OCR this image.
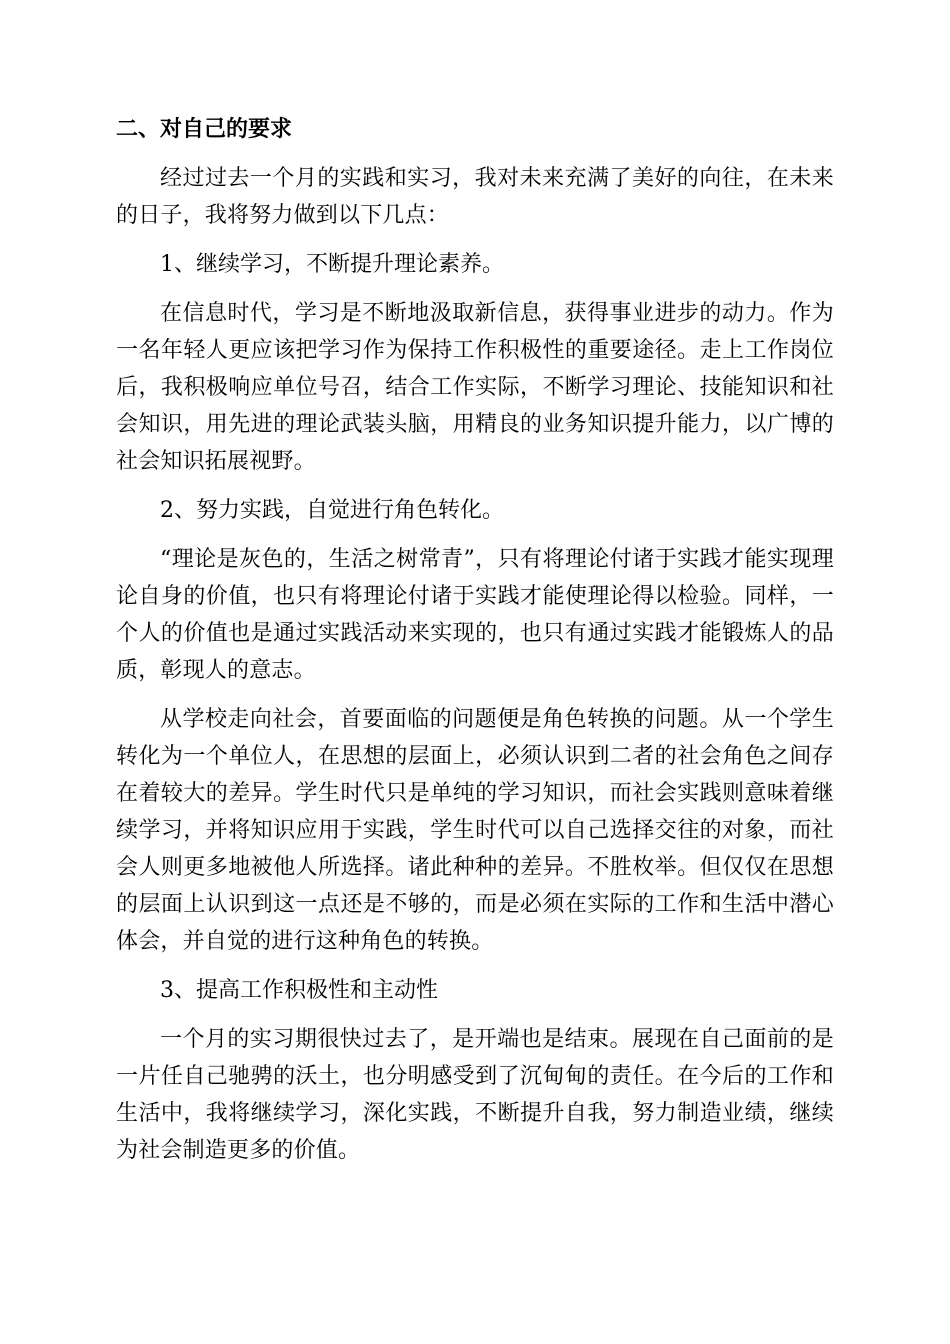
二、对自己的要求

经过过去一个月的实践和实习，我对未来充满了美好的向往，在未来的日子，我将努力做到以下几点：

1、继续学习，不断提升理论素养。

在信息时代，学习是不断地汲取新信息，获得事业进步的动力。作为一名年轻人更应该把学习作为保持工作积极性的重要途径。走上工作岗位后，我积极响应单位号召，结合工作实际，不断学习理论、技能知识和社会知识，用先进的理论武装头脑，用精良的业务知识提升能力，以广博的社会知识拓展视野。

2、努力实践，自觉进行角色转化。

“理论是灰色的，生活之树常青”，只有将理论付诸于实践才能实现理论自身的价值，也只有将理论付诸于实践才能使理论得以检验。同样，一个人的价值也是通过实践活动来实现的，也只有通过实践才能锻炼人的品质，彰现人的意志。

从学校走向社会，首要面临的问题便是角色转换的问题。从一个学生转化为一个单位人，在思想的层面上，必须认识到二者的社会角色之间存在着较大的差异。学生时代只是单纯的学习知识，而社会实践则意味着继续学习，并将知识应用于实践，学生时代可以自己选择交往的对象，而社会人则更多地被他人所选择。诸此种种的差异。不胜枚举。但仅仅在思想的层面上认识到这一点还是不够的，而是必须在实际的工作和生活中潜心体会，并自觉的进行这种角色的转换。

3、提高工作积极性和主动性

一个月的实习期很快过去了，是开端也是结束。展现在自己面前的是一片任自己驰骋的沃土，也分明感受到了沉甸甸的责任。在今后的工作和生活中，我将继续学习，深化实践，不断提升自我，努力制造业绩，继续为社会制造更多的价值。
